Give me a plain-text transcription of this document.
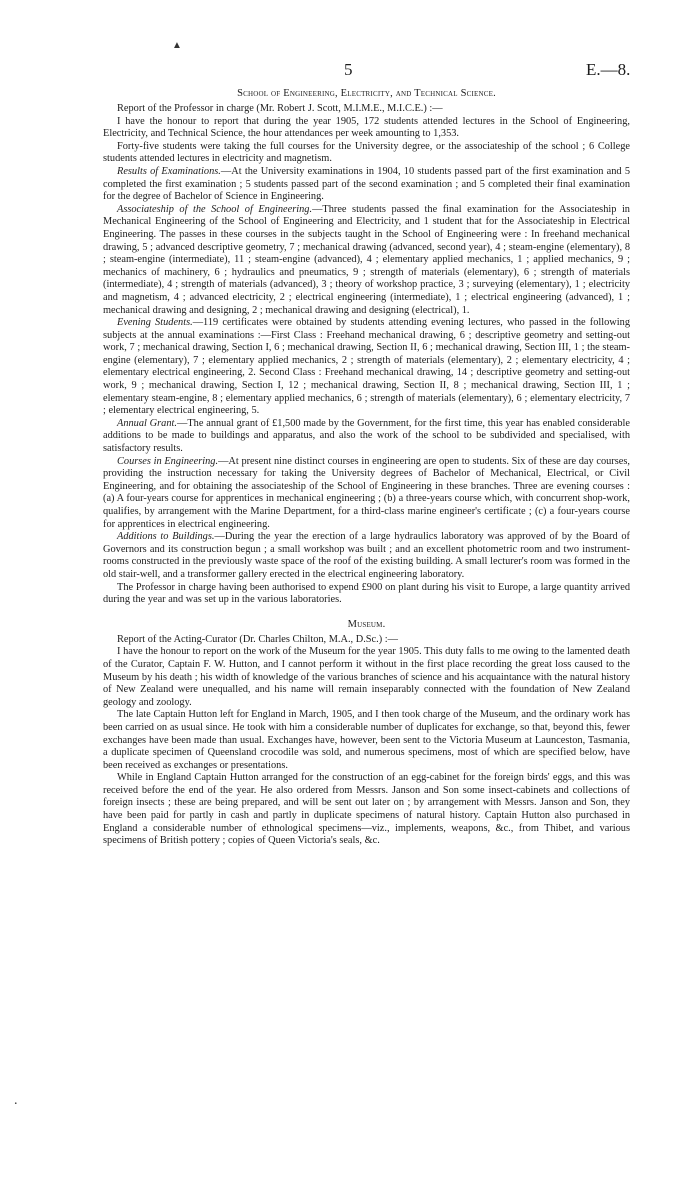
▲
.
5	E.—8.
School of Engineering, Electricity, and Technical Science.

Report of the Professor in charge (Mr. Robert J. Scott, M.I.M.E., M.I.C.E.) :—

I have the honour to report that during the year 1905, 172 students attended lectures in the School of Engineering, Electricity, and Technical Science, the hour attendances per week amounting to 1,353.

Forty-five students were taking the full courses for the University degree, or the associateship of the school ; 6 College students attended lectures in electricity and magnetism.

Results of Examinations.—At the University examinations in 1904, 10 students passed part of the first examination and 5 completed the first examination ; 5 students passed part of the second examination ; and 5 completed their final examination for the degree of Bachelor of Science in Engineering.

Associateship of the School of Engineering.—Three students passed the final examination for the Associateship in Mechanical Engineering of the School of Engineering and Electricity, and 1 student that for the Associateship in Electrical Engineering. The passes in these courses in the subjects taught in the School of Engineering were : In freehand mechanical drawing, 5 ; advanced descriptive geometry, 7 ; mechanical drawing (advanced, second year), 4 ; steam-engine (elementary), 8 ; steam-engine (intermediate), 11 ; steam-engine (advanced), 4 ; elementary applied mechanics, 1 ; applied mechanics, 9 ; mechanics of machinery, 6 ; hydraulics and pneumatics, 9 ; strength of materials (elementary), 6 ; strength of materials (intermediate), 4 ; strength of materials (advanced), 3 ; theory of workshop practice, 3 ; surveying (elementary), 1 ; electricity and magnetism, 4 ; advanced electricity, 2 ; electrical engineering (intermediate), 1 ; electrical engineering (advanced), 1 ; mechanical drawing and designing, 2 ; mechanical drawing and designing (electrical), 1.

Evening Students.—119 certificates were obtained by students attending evening lectures, who passed in the following subjects at the annual examinations :—First Class : Freehand mechanical drawing, 6 ; descriptive geometry and setting-out work, 7 ; mechanical drawing, Section I, 6 ; mechanical drawing, Section II, 6 ; mechanical drawing, Section III, 1 ; the steam-engine (elementary), 7 ; elementary applied mechanics, 2 ; strength of materials (elementary), 2 ; elementary electricity, 4 ; elementary electrical engineering, 2. Second Class : Freehand mechanical drawing, 14 ; descriptive geometry and setting-out work, 9 ; mechanical drawing, Section I, 12 ; mechanical drawing, Section II, 8 ; mechanical drawing, Section III, 1 ; elementary steam-engine, 8 ; elementary applied mechanics, 6 ; strength of materials (elementary), 6 ; elementary electricity, 7 ; elementary electrical engineering, 5.

Annual Grant.—The annual grant of £1,500 made by the Government, for the first time, this year has enabled considerable additions to be made to buildings and apparatus, and also the work of the school to be subdivided and specialised, with satisfactory results.

Courses in Engineering.—At present nine distinct courses in engineering are open to students. Six of these are day courses, providing the instruction necessary for taking the University degrees of Bachelor of Mechanical, Electrical, or Civil Engineering, and for obtaining the associateship of the School of Engineering in these branches. Three are evening courses : (a) A four-years course for apprentices in mechanical engineering ; (b) a three-years course which, with concurrent shop-work, qualifies, by arrangement with the Marine Department, for a third-class marine engineer's certificate ; (c) a four-years course for apprentices in electrical engineering.

Additions to Buildings.—During the year the erection of a large hydraulics laboratory was approved of by the Board of Governors and its construction begun ; a small workshop was built ; and an excellent photometric room and two instrument-rooms constructed in the previously waste space of the roof of the existing building. A small lecturer's room was formed in the old stair-well, and a transformer gallery erected in the electrical engineering laboratory.

The Professor in charge having been authorised to expend £900 on plant during his visit to Europe, a large quantity arrived during the year and was set up in the various laboratories.

Museum.

Report of the Acting-Curator (Dr. Charles Chilton, M.A., D.Sc.) :—

I have the honour to report on the work of the Museum for the year 1905. This duty falls to me owing to the lamented death of the Curator, Captain F. W. Hutton, and I cannot perform it without in the first place recording the great loss caused to the Museum by his death ; his width of knowledge of the various branches of science and his acquaintance with the natural history of New Zealand were unequalled, and his name will remain inseparably connected with the foundation of New Zealand geology and zoology.

The late Captain Hutton left for England in March, 1905, and I then took charge of the Museum, and the ordinary work has been carried on as usual since. He took with him a considerable number of duplicates for exchange, so that, beyond this, fewer exchanges have been made than usual. Exchanges have, however, been sent to the Victoria Museum at Launceston, Tasmania, a duplicate specimen of Queensland crocodile was sold, and numerous specimens, most of which are specified below, have been received as exchanges or presentations.

While in England Captain Hutton arranged for the construction of an egg-cabinet for the foreign birds' eggs, and this was received before the end of the year. He also ordered from Messrs. Janson and Son some insect-cabinets and collections of foreign insects ; these are being prepared, and will be sent out later on ; by arrangement with Messrs. Janson and Son, they have been paid for partly in cash and partly in duplicate specimens of natural history. Captain Hutton also purchased in England a considerable number of ethnological specimens—viz., implements, weapons, &c., from Thibet, and various specimens of British pottery ; copies of Queen Victoria's seals, &c.
